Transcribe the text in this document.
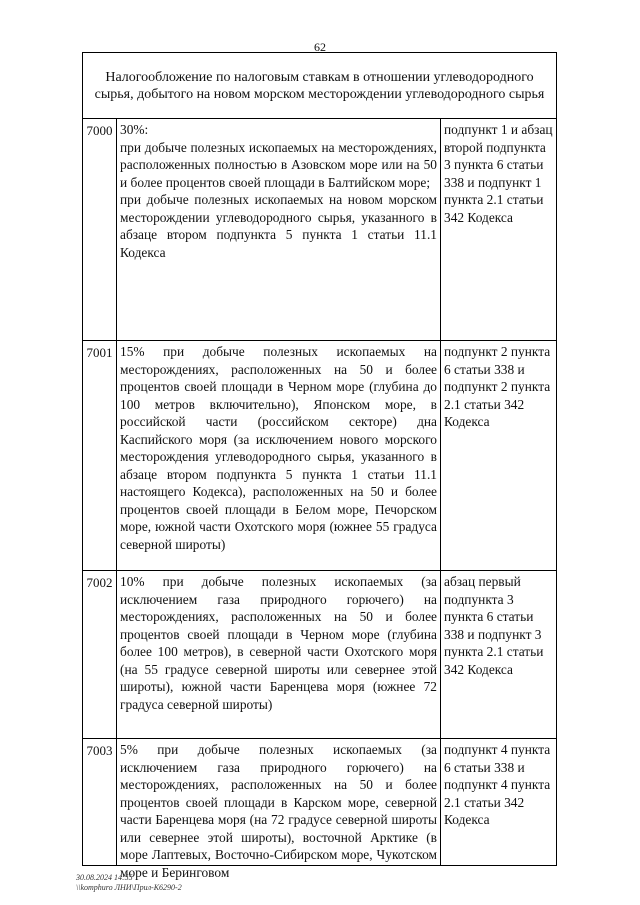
62
Налогообложение по налоговым ставкам в отношении углеводородного сырья, добытого на новом морском месторождении углеводородного сырья
7000 30%:

при добыче полезных ископаемых на месторождениях, расположенных полностью в Азовском море или на 50 и более процентов своей площади в Балтийском море;

при добыче полезных ископаемых на новом морском месторождении углеводородного сырья, указанного в абзаце втором подпункта 5 пункта 1 статьи 11.1 Кодекса

подпункт 1 и абзац второй подпункта 3 пункта 6 статьи 338 и подпункт 1 пункта 2.1 статьи 342 Кодекса
7001 15% при добыче полезных ископаемых на месторождениях, расположенных на 50 и более процентов своей площади в Черном море (глубина до 100 метров включительно), Японском море, в российской части (российском секторе) дна Каспийского моря (за исключением нового морского месторождения углеводородного сырья, указанного в абзаце втором подпункта 5 пункта 1 статьи 11.1 настоящего Кодекса), расположенных на 50 и более процентов своей площади в Белом море, Печорском море, южной части Охотского моря (южнее 55 градуса северной широты)

подпункт 2 пункта 6 статьи 338 и подпункт 2 пункта 2.1 статьи 342 Кодекса
7002 10% при добыче полезных ископаемых (за исключением газа природного горючего) на месторождениях, расположенных на 50 и более процентов своей площади в Черном море (глубина более 100 метров), в северной части Охотского моря (на 55 градусе северной широты или севернее этой широты), южной части Баренцева моря (южнее 72 градуса северной широты)

абзац первый подпункта 3 пункта 6 статьи 338 и подпункт 3 пункта 2.1 статьи 342 Кодекса
7003 5% при добыче полезных ископаемых (за исключением газа природного горючего) на месторождениях, расположенных на 50 и более процентов своей площади в Карском море, северной части Баренцева моря (на 72 градусе северной широты или севернее этой широты), восточной Арктике (в море Лаптевых, Восточно-Сибирском море, Чукотском море и Беринговом

подпункт 4 пункта 6 статьи 338 и подпункт 4 пункта 2.1 статьи 342 Кодекса
30.08.2024 14:55
\\komphuro ЛНИ\Прил-К6290-2
